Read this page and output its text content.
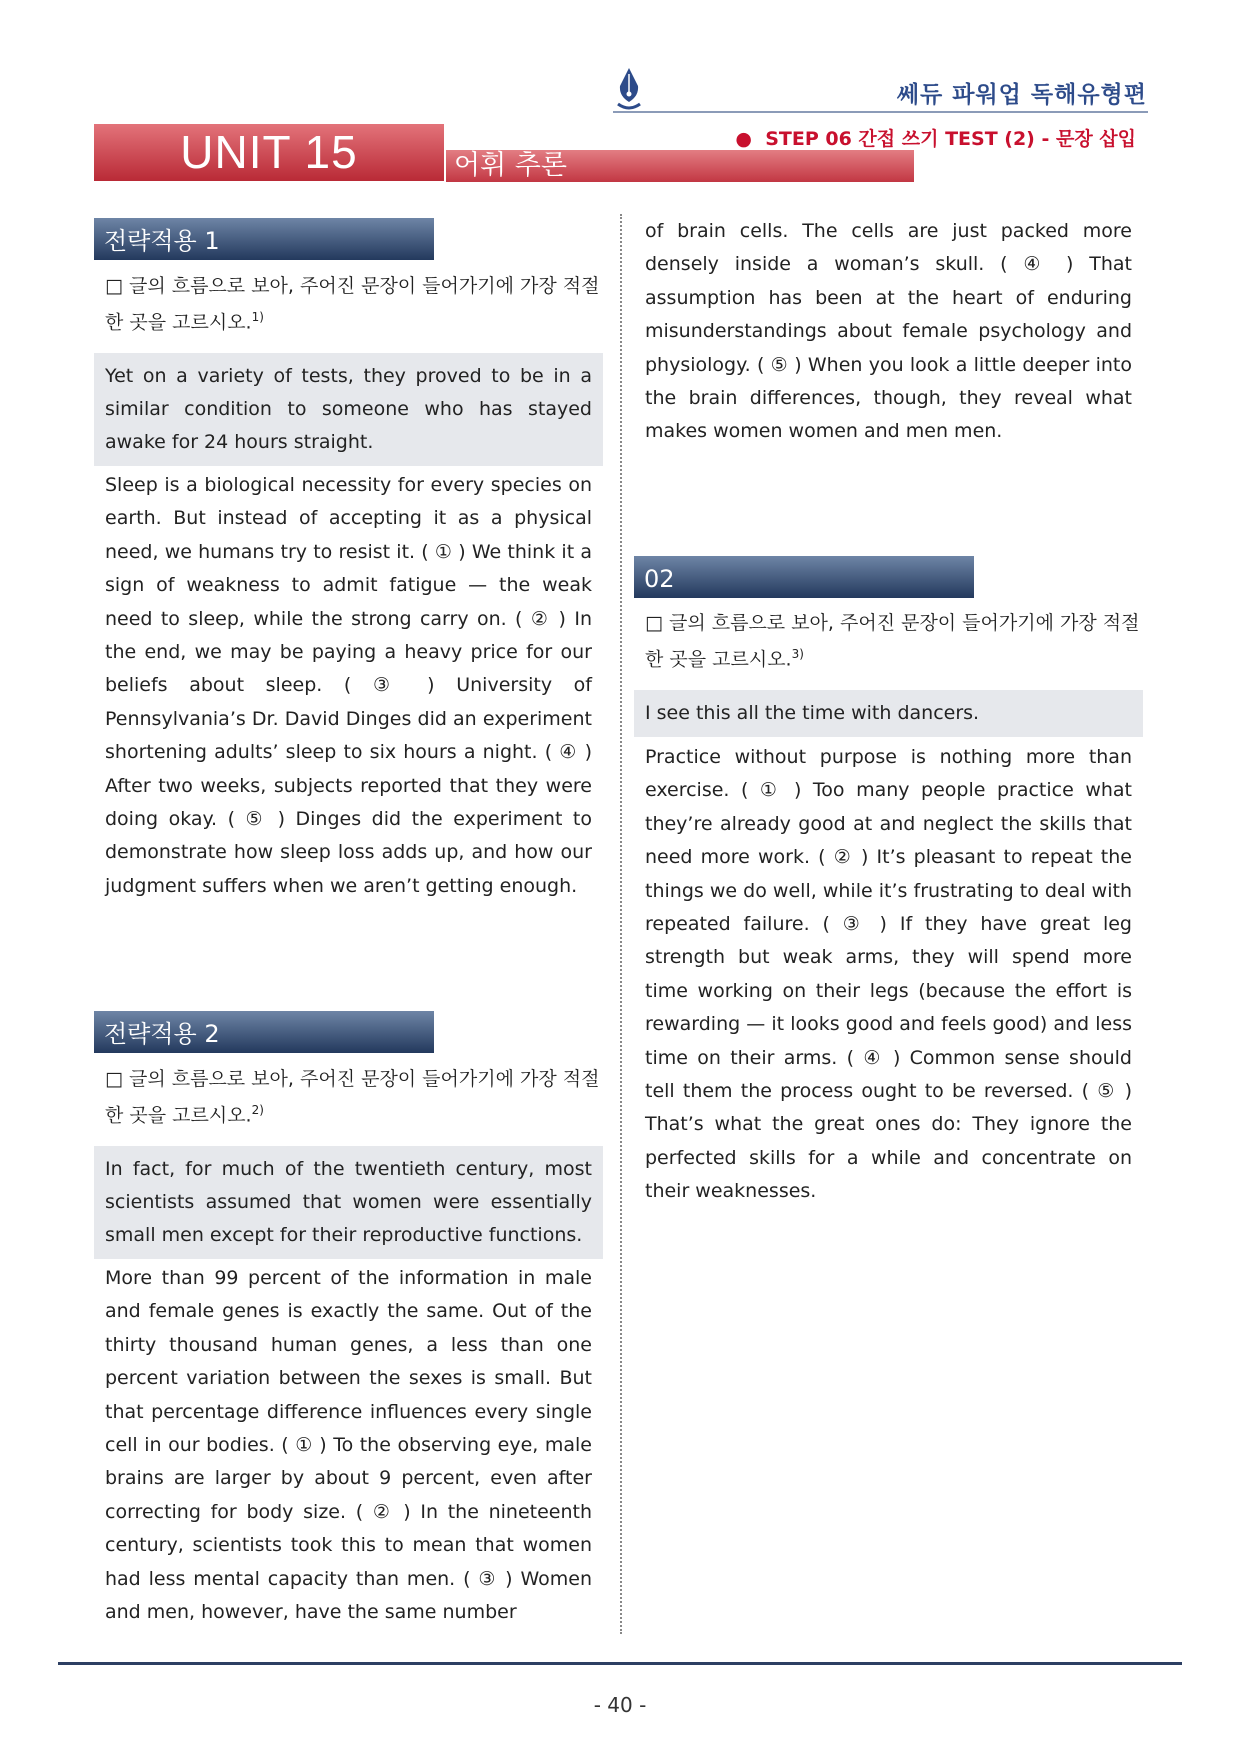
쎄듀 파워업 독해유형편
UNIT 15	어휘 추론
● STEP 06 간접 쓰기 TEST (2) - 문장 삽입
전략적용 1
□ 글의 흐름으로 보아, 주어진 문장이 들어가기에 가장 적절한 곳을 고르시오.$^{1)}$
Yet on a variety of tests, they proved to be in a similar condition to someone who has stayed awake for 24 hours straight.
Sleep is a biological necessity for every species on earth. But instead of accepting it as a physical need, we humans try to resist it. ( ① ) We think it a sign of weakness to admit fatigue — the weak need to sleep, while the strong carry on. ( ② ) In the end, we may be paying a heavy price for our beliefs about sleep. ( ③ ) University of Pennsylvania’s Dr. David Dinges did an experiment shortening adults’ sleep to six hours a night. ( ④ ) After two weeks, subjects reported that they were doing okay. ( ⑤ ) Dinges did the experiment to demonstrate how sleep loss adds up, and how our judgment suffers when we aren’t getting enough.
전략적용 2
□ 글의 흐름으로 보아, 주어진 문장이 들어가기에 가장 적절한 곳을 고르시오.$^{2)}$
In fact, for much of the twentieth century, most scientists assumed that women were essentially small men except for their reproductive functions.
More than 99 percent of the information in male and female genes is exactly the same. Out of the thirty thousand human genes, a less than one percent variation between the sexes is small. But that percentage difference influences every single cell in our bodies. ( ① ) To the observing eye, male brains are larger by about 9 percent, even after correcting for body size. ( ② ) In the nineteenth century, scientists took this to mean that women had less mental capacity than men. ( ③ ) Women and men, however, have the same number
of brain cells. The cells are just packed more densely inside a woman’s skull. ( ④ ) That assumption has been at the heart of enduring misunderstandings about female psychology and physiology. ( ⑤ ) When you look a little deeper into the brain differences, though, they reveal what makes women women and men men.
02
□ 글의 흐름으로 보아, 주어진 문장이 들어가기에 가장 적절한 곳을 고르시오.$^{3)}$
I see this all the time with dancers.
Practice without purpose is nothing more than exercise. ( ① ) Too many people practice what they’re already good at and neglect the skills that need more work. ( ② ) It’s pleasant to repeat the things we do well, while it’s frustrating to deal with repeated failure. ( ③ ) If they have great leg strength but weak arms, they will spend more time working on their legs (because the effort is rewarding — it looks good and feels good) and less time on their arms. ( ④ ) Common sense should tell them the process ought to be reversed. ( ⑤ ) That’s what the great ones do: They ignore the perfected skills for a while and concentrate on their weaknesses.
- 40 -
